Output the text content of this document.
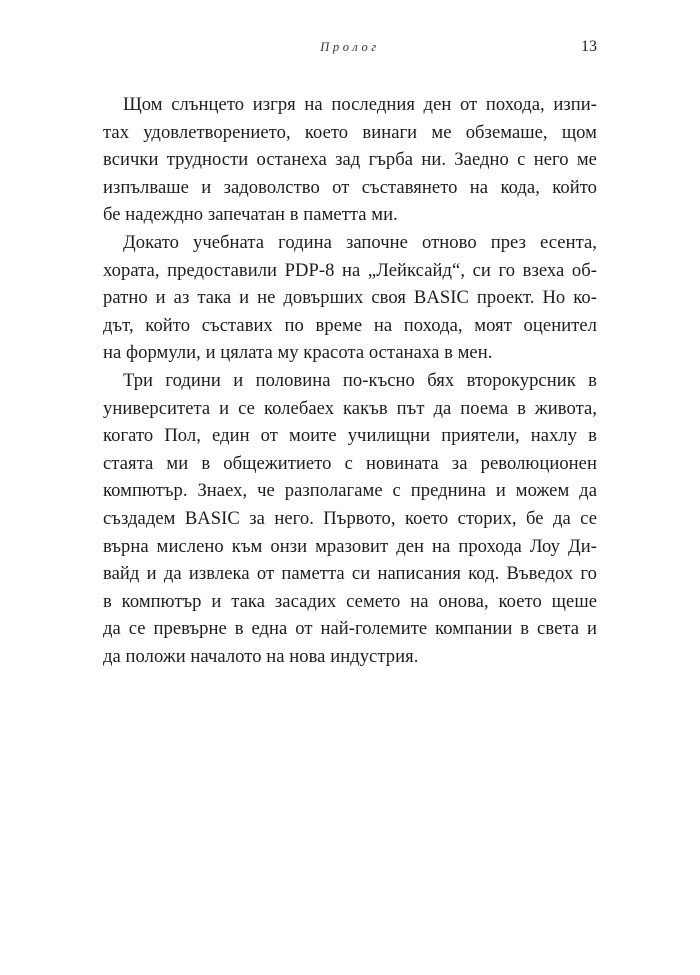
Пролог	13

Щом слънцето изгря на последния ден от похода, изпи-
тах удовлетворението, което винаги ме обземаше, щом
всички трудности останеха зад гърба ни. Заедно с него ме
изпълваше и задоволство от съставянето на кода, който
бе надеждно запечатан в паметта ми.

Докато учебната година започне отново през есента,
хората, предоставили PDP-8 на „Лейксайд“, си го взеха об-
ратно и аз така и не довърших своя BASIC проект. Но ко-
дът, който съставих по време на похода, моят оценител
на формули, и цялата му красота останаха в мен.

Три години и половина по-късно бях второкурсник в
университета и се колебаех какъв път да поема в живота,
когато Пол, един от моите училищни приятели, нахлу в
стаята ми в общежитието с новината за революционен
компютър. Знаех, че разполагаме с преднина и можем да
създадем BASIC за него. Първото, което сторих, бе да се
върна мислено към онзи мразовит ден на прохода Лоу Ди-
вайд и да извлека от паметта си написания код. Въведох го
в компютър и така засадих семето на онова, което щеше
да се превърне в една от най-големите компании в света и
да положи началото на нова индустрия.
